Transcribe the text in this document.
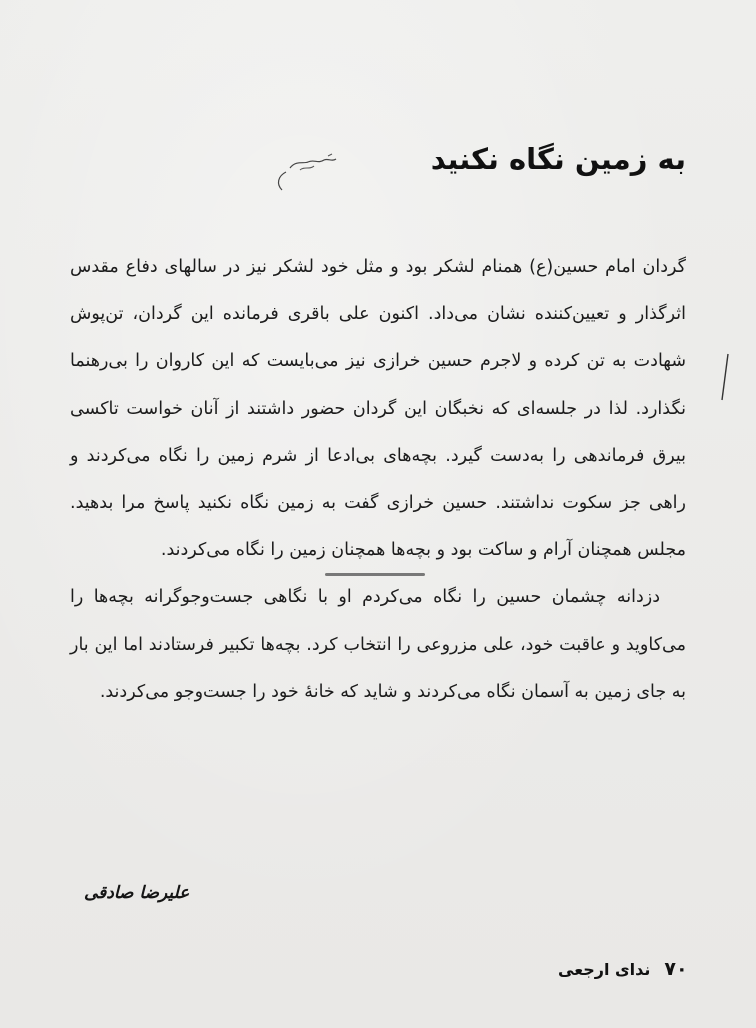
به زمین نگاه نکنید

گردان امام حسین(ع) همنام لشکر بود و مثل خود لشکر نیز در سالهای دفاع مقدس اثرگذار و تعیین‌کننده نشان می‌داد. اکنون علی باقری فرمانده این گردان، تن‌پوش شهادت به تن کرده و لاجرم حسین خرازی نیز می‌بایست که این کاروان را بی‌رهنما نگذارد. لذا در جلسه‌ای که نخبگان این گردان حضور داشتند از آنان خواست تاکسی بیرق فرماندهی را به‌دست گیرد. بچه‌های بی‌ادعا از شرم زمین را نگاه می‌کردند و راهی جز سکوت نداشتند. حسین خرازی گفت به زمین نگاه نکنید پاسخ مرا بدهید. مجلس همچنان آرام و ساکت بود و بچه‌ها همچنان زمین را نگاه می‌کردند.

دزدانه چشمان حسین را نگاه می‌کردم او با نگاهی جست‌وجوگرانه بچه‌ها را می‌کاوید و عاقبت خود، علی مزروعی را انتخاب کرد. بچه‌ها تکبیر فرستادند اما این بار به جای زمین به آسمان نگاه می‌کردند و شاید که خانهٔ خود را جست‌وجو می‌کردند.

علیرضا صادقی
۷۰
ندای ارجعی
